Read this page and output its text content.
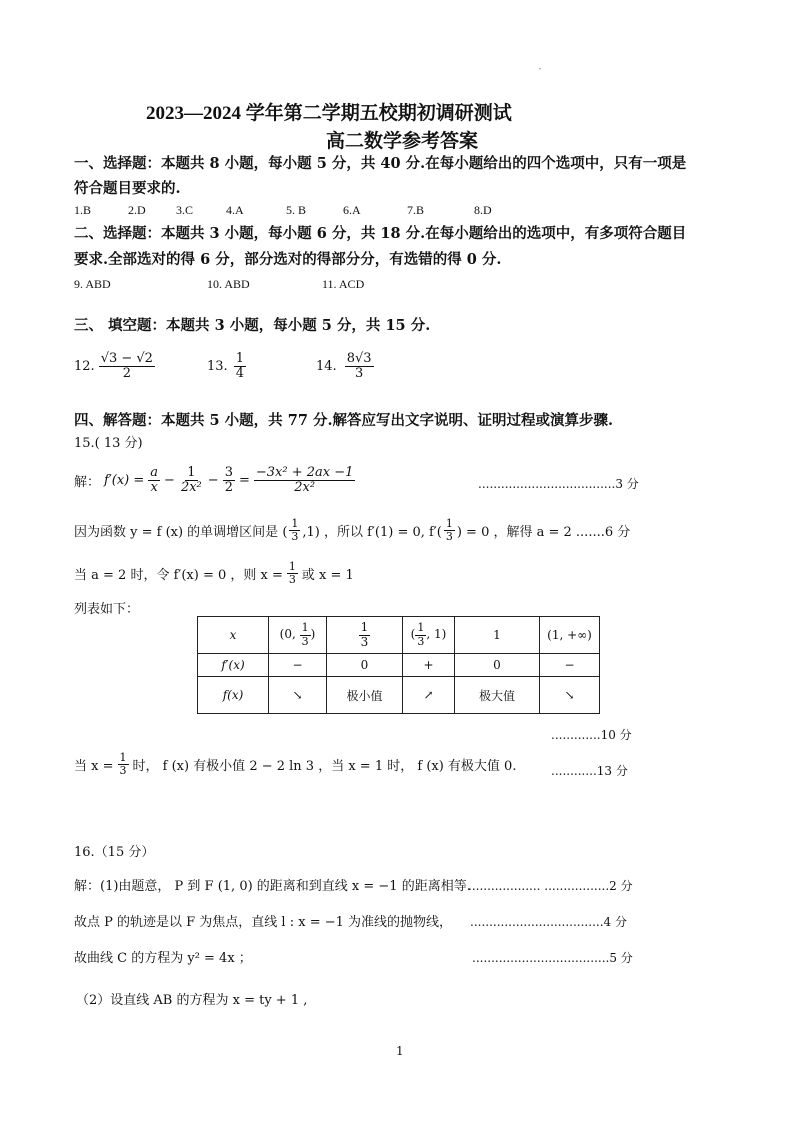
·
2023—2024 学年第二学期五校期初调研测试
高二数学参考答案
一、选择题：本题共 8 小题，每小题 5 分，共 40 分.在每小题给出的四个选项中，只有一项是
符合题目要求的.
1.B	2.D	3.C	4.A	5. B	6.A	7.B	8.D
二、选择题：本题共 3 小题，每小题 6 分，共 18 分.在每小题给出的选项中，有多项符合题目
要求.全部选对的得 6 分，部分选对的得部分分，有选错的得 0 分.
9. ABD	10. ABD	11. ACD
三、 填空题：本题共 3 小题，每小题 5 分，共 15 分.
12. $\frac{√3 - √2}{2}$	13. $\frac{1}{4}$	14. $\frac{8√3}{3}$
四、解答题：本题共 5 小题，共 77 分.解答应写出文字说明、证明过程或演算步骤.
15.( 13 分)
解： $f'(x) = \frac{a}{x} - \frac{1}{\text{2x²}} - \frac{3}{2} = \frac{\text{−3x² + 2ax −1}}{\text{2x²}}$	....................................3 分
因为函数 y = f (x) 的单调增区间是 ( $\frac{1}{3} ,1$) ，所以 f′(1) = 0, $f'( \frac{1}{3}$ ) = 0 ，解得 a = 2 .......6 分
当 a = 2 时，令 f′(x) = 0 ，则 $x = \frac{1}{3}$ 或 x = 1
列表如下：
x	(0, $\frac{1}{3}$ )	$\frac{1}{3}$	( $\frac{1}{3}$ , 1)	1	(1, +∞)
f′(x)	−	0	+	0	−
f(x)	↘	极小值	↗	极大值	↘
.............10 分
当 $x = \frac{1}{3}$ 时， f (x) 有极小值 2 − 2 ln 3 ，当 x = 1 时， f (x) 有极大值 0.	............13 分
16.（15 分）
解：(1)由题意， P 到 F (1, 0) 的距离和到直线 x = −1 的距离相等.
................... .................2 分
故点 P 的轨迹是以 F 为焦点，直线 l : x = −1 为准线的抛物线， ...................................4 分
故曲线 C 的方程为 y² = 4x ；	....................................5 分
（2）设直线 AB 的方程为 x = ty + 1 ,
1
